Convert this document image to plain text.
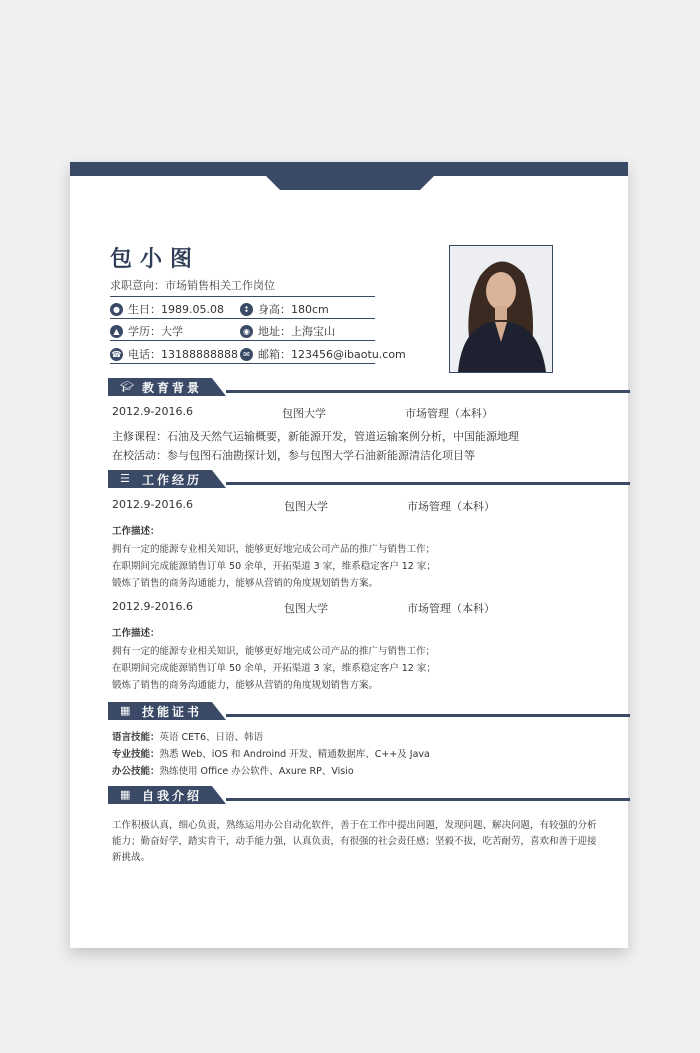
包小图
求职意向：市场销售相关工作岗位
● 生日：1989.05.08	↕ 身高：180cm
▲ 学历：大学	◉ 地址：上海宝山
☎ 电话：13188888888 ✉ 邮箱：123456@ibaotu.com
🎓︎ 教育背景
2012.9-2016.6	包图大学	市场管理（本科）
主修课程：石油及天然气运输概要，新能源开发，管道运输案例分析，中国能源地理
在校活动：参与包图石油勘探计划，参与包图大学石油新能源清洁化项目等
☰ 工作经历
2012.9-2016.6	包图大学	市场管理（本科）
工作描述：
拥有一定的能源专业相关知识，能够更好地完成公司产品的推广与销售工作；
在职期间完成能源销售订单 50 余单，开拓渠道 3 家，维系稳定客户 12 家；
锻炼了销售的商务沟通能力，能够从营销的角度规划销售方案。
2012.9-2016.6	包图大学	市场管理（本科）
工作描述：
拥有一定的能源专业相关知识，能够更好地完成公司产品的推广与销售工作；
在职期间完成能源销售订单 50 余单，开拓渠道 3 家，维系稳定客户 12 家；
锻炼了销售的商务沟通能力，能够从营销的角度规划销售方案。
▦ 技能证书
语言技能：英语 CET6、日语、韩语
专业技能：熟悉 Web、iOS 和 Androind 开发、精通数据库、C++及 Java
办公技能：熟练使用 Office 办公软件、Axure RP、Visio
▦ 自我介绍
工作积极认真，细心负责，熟练运用办公自动化软件，善于在工作中提出问题，发现问题、解决问题，有较强的分析能力；勤奋好学，踏实肯干，动手能力强，认真负责，有很强的社会责任感；坚毅不拔，吃苦耐劳，喜欢和善于迎接新挑战。
